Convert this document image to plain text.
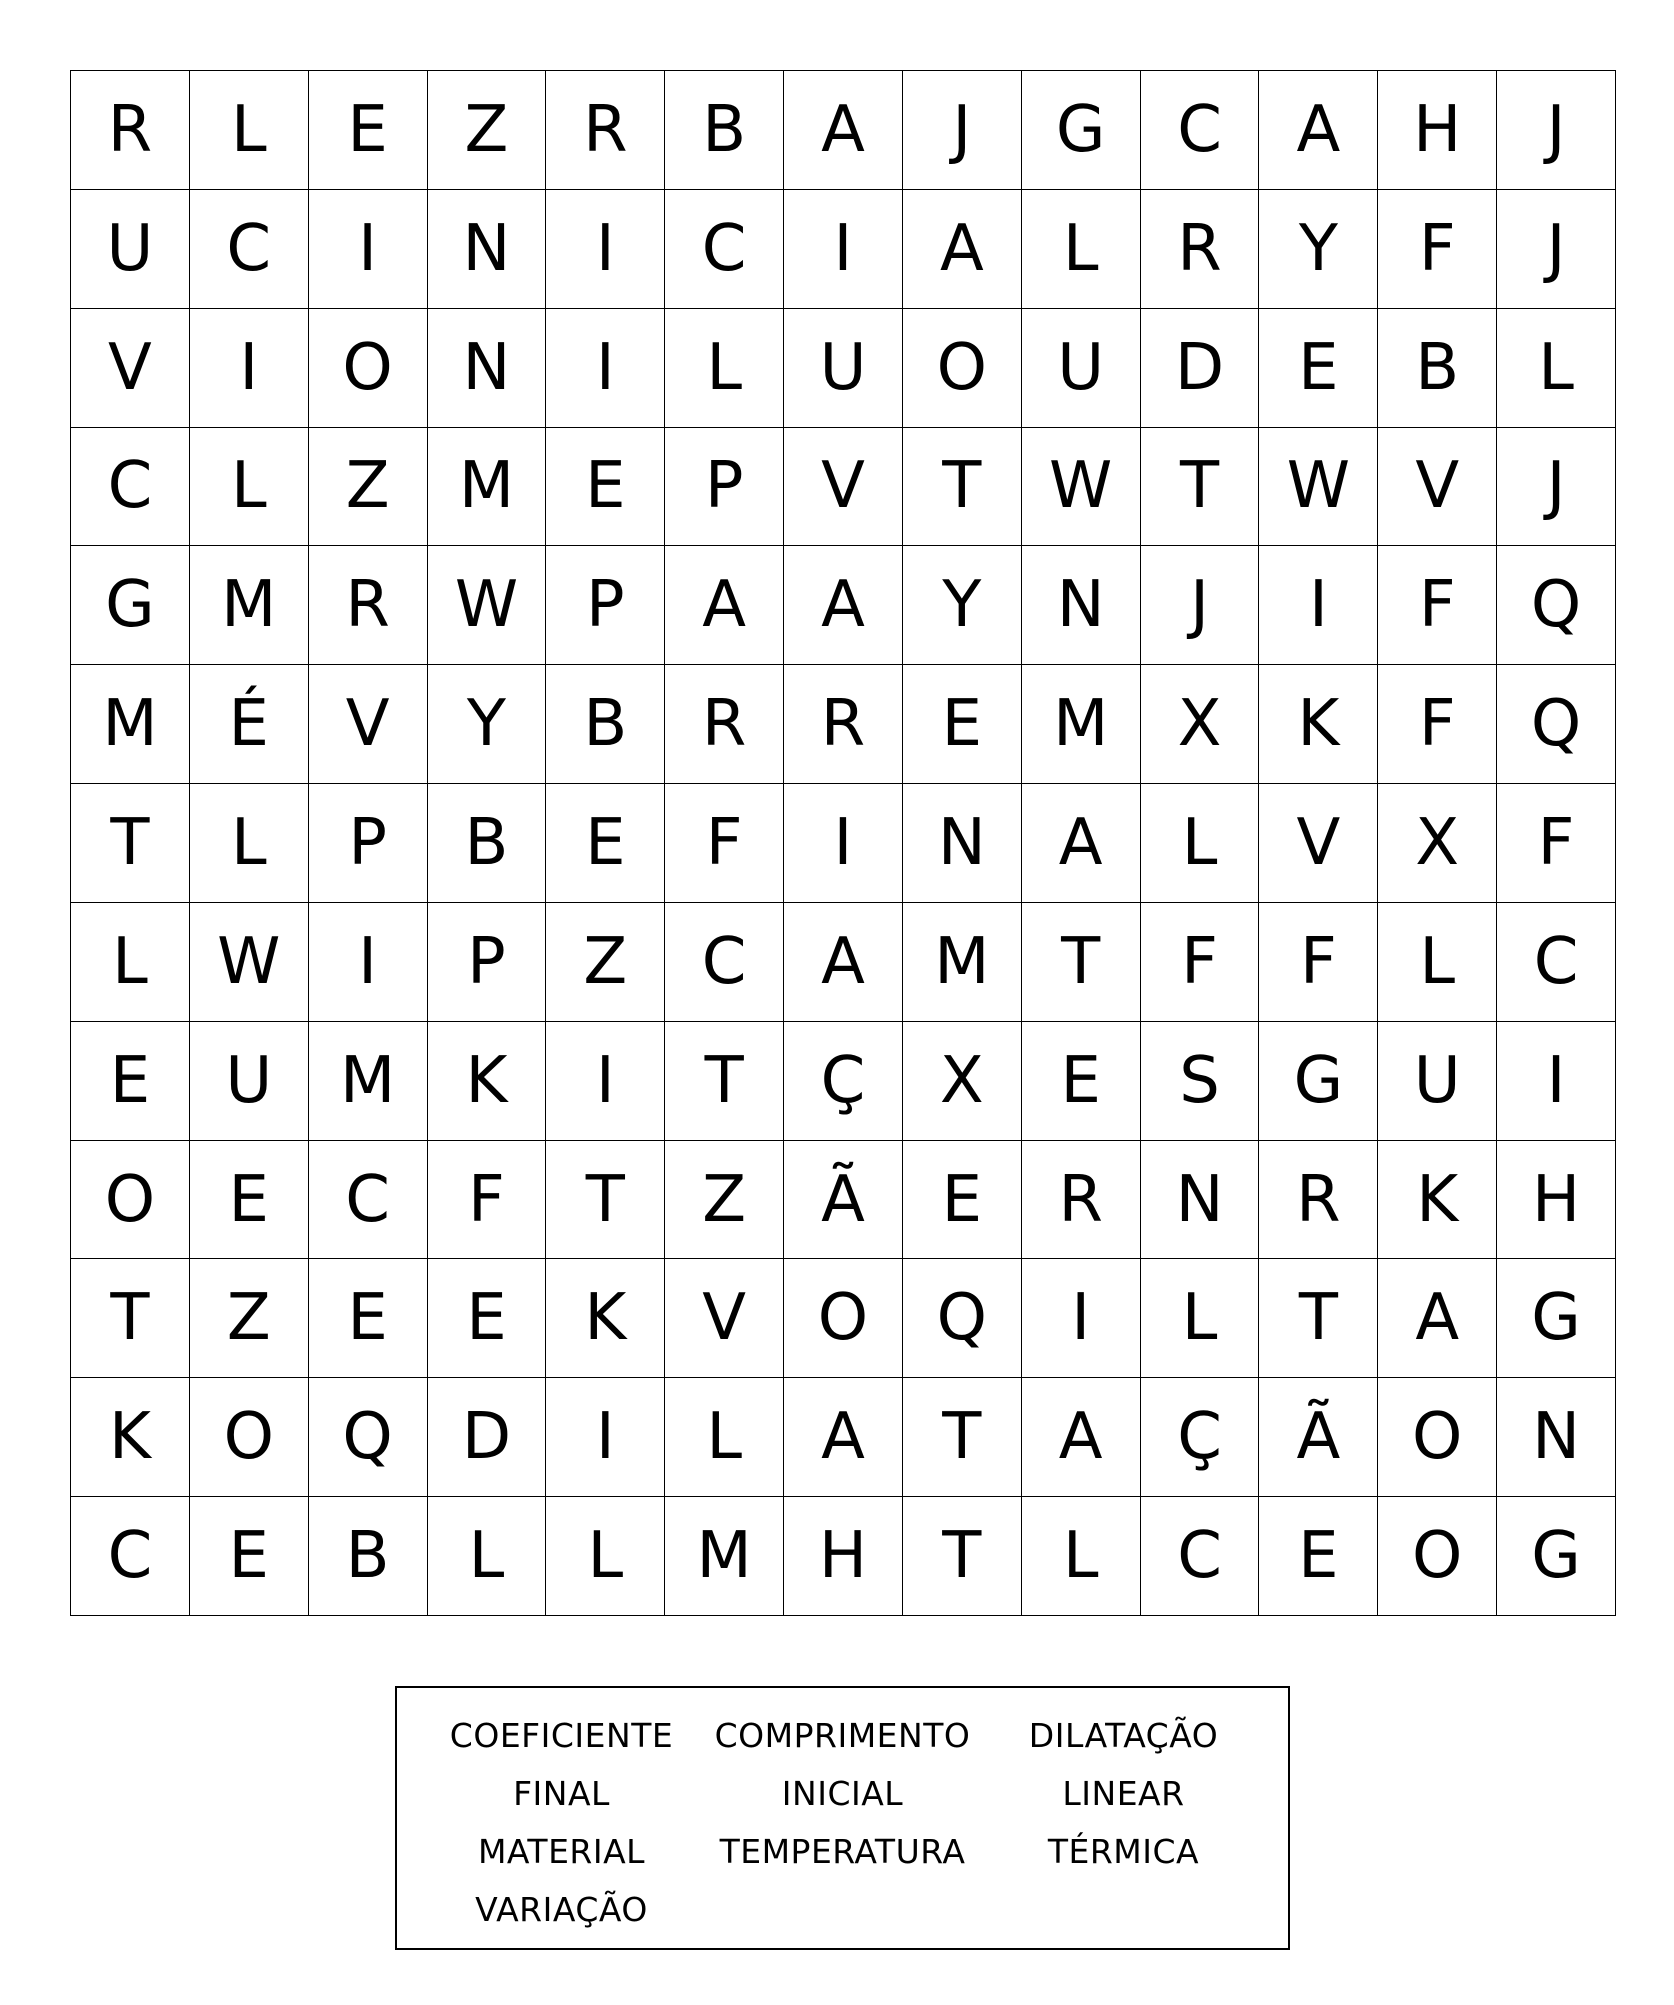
R	L	E	Z	R	B	A	J	G	C	A	H	J
U	C	I	N	I	C	I	A	L	R	Y	F	J
V	I	O	N	I	L	U	O	U	D	E	B	L
C	L	Z	M	E	P	V	T	W	T	W	V	J
G	M	R	W	P	A	A	Y	N	J	I	F	Q
M	É	V	Y	B	R	R	E	M	X	K	F	Q
T	L	P	B	E	F	I	N	A	L	V	X	F
L	W	I	P	Z	C	A	M	T	F	F	L	C
E	U	M	K	I	T	Ç	X	E	S	G	U	I
O	E	C	F	T	Z	Ã	E	R	N	R	K	H
T	Z	E	E	K	V	O	Q	I	L	T	A	G
K	O	Q	D	I	L	A	T	A	Ç	Ã	O	N
C	E	B	L	L	M	H	T	L	C	E	O	G
COEFICIENTE	COMPRIMENTO	DILATAÇÃO
FINAL	INICIAL	LINEAR
MATERIAL	TEMPERATURA	TÉRMICA
VARIAÇÃO
